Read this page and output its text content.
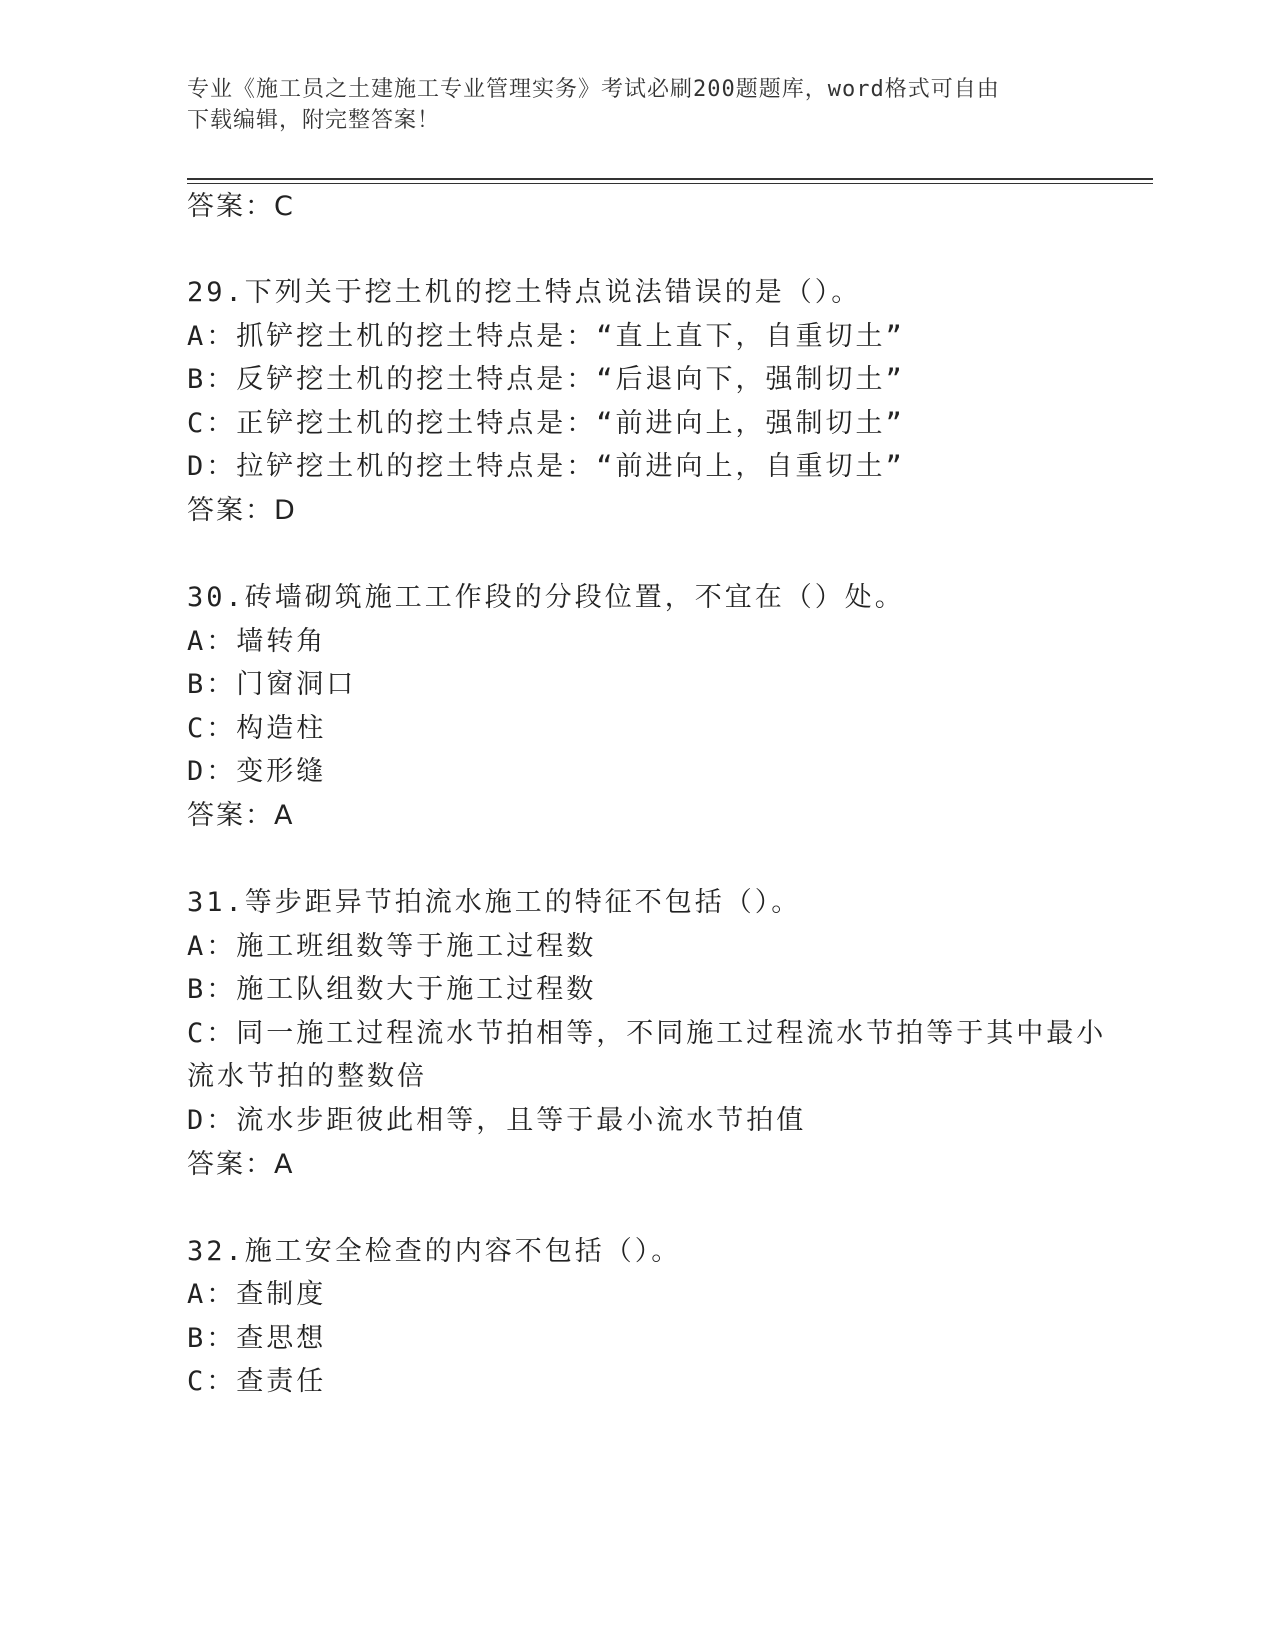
专业《施工员之土建施工专业管理实务》考试必刷200题题库，word格式可自由
下载编辑，附完整答案！
答案：C
29.下列关于挖土机的挖土特点说法错误的是（）。
A：抓铲挖土机的挖土特点是：“直上直下，自重切土”
B：反铲挖土机的挖土特点是：“后退向下，强制切土”
C：正铲挖土机的挖土特点是：“前进向上，强制切土”
D：拉铲挖土机的挖土特点是：“前进向上，自重切土”
答案：D
30.砖墙砌筑施工工作段的分段位置，不宜在（）处。
A：墙转角
B：门窗洞口
C：构造柱
D：变形缝
答案：A
31.等步距异节拍流水施工的特征不包括（）。
A：施工班组数等于施工过程数
B：施工队组数大于施工过程数
C：同一施工过程流水节拍相等，不同施工过程流水节拍等于其中最小
流水节拍的整数倍
D：流水步距彼此相等，且等于最小流水节拍值
答案：A
32.施工安全检查的内容不包括（）。
A：查制度
B：查思想
C：查责任
